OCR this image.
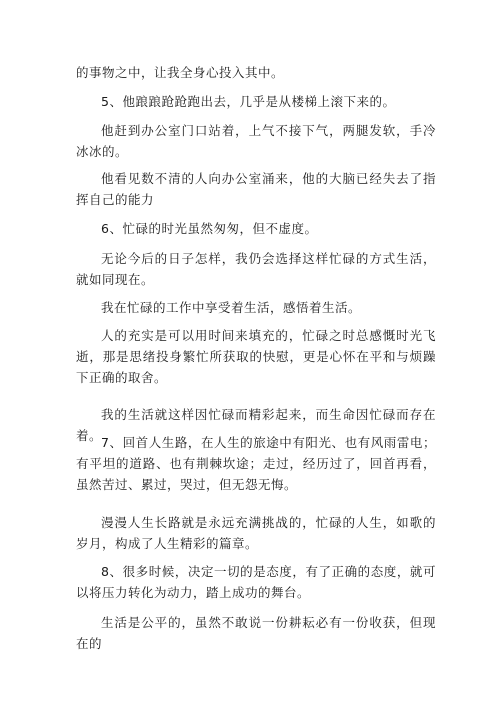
的事物之中，让我全身心投入其中。

5、他踉踉跄跄跑出去，几乎是从楼梯上滚下来的。

他赶到办公室门口站着，上气不接下气，两腿发软，手冷冰冰的。

他看见数不清的人向办公室涌来，他的大脑已经失去了指挥自己的能力

6、忙碌的时光虽然匆匆，但不虚度。

无论今后的日子怎样，我仍会选择这样忙碌的方式生活，就如同现在。

我在忙碌的工作中享受着生活，感悟着生活。

人的充实是可以用时间来填充的，忙碌之时总感慨时光飞逝，那是思绪投身繁忙所获取的快慰，更是心怀在平和与烦躁下正确的取舍。

我的生活就这样因忙碌而精彩起来，而生命因忙碌而存在着。

7、回首人生路，在人生的旅途中有阳光、也有风雨雷电；有平坦的道路、也有荆棘坎途；走过，经历过了，回首再看，虽然苦过、累过，哭过，但无怨无悔。

漫漫人生长路就是永远充满挑战的，忙碌的人生，如歌的岁月，构成了人生精彩的篇章。

8、很多时候，决定一切的是态度，有了正确的态度，就可以将压力转化为动力，踏上成功的舞台。

生活是公平的，虽然不敢说一份耕耘必有一份收获，但现在的
